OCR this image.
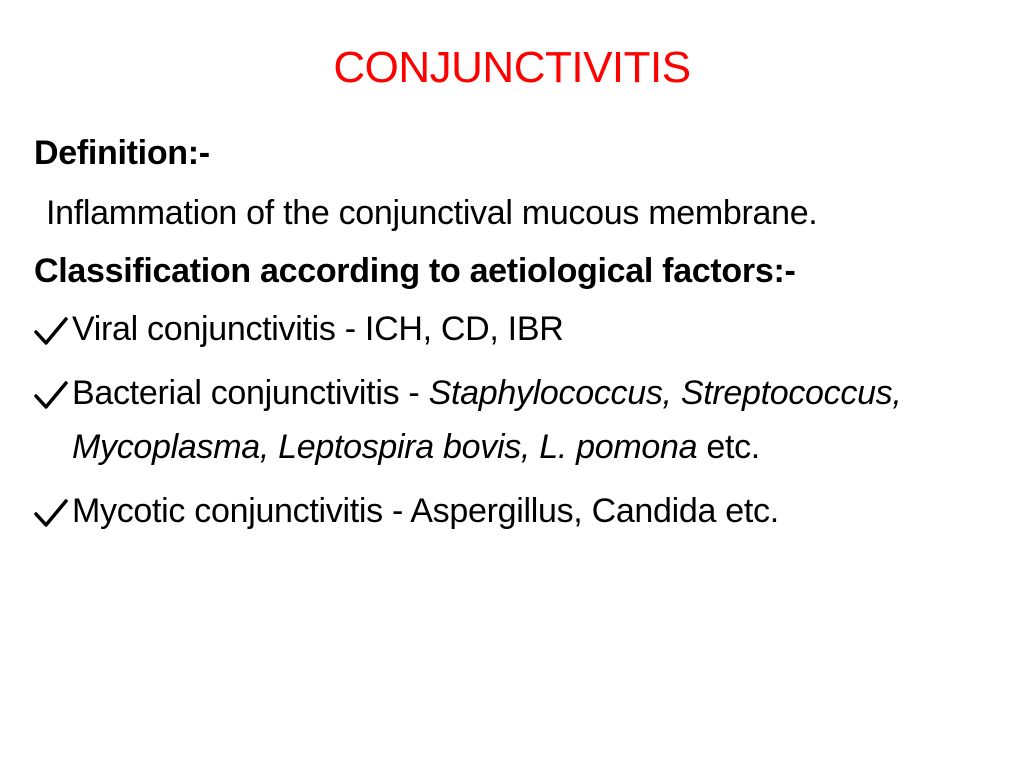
CONJUNCTIVITIS

Definition:-

Inflammation of the conjunctival mucous membrane.

Classification according to aetiological factors:-

Viral conjunctivitis - ICH, CD, IBR

Bacterial conjunctivitis - Staphylococcus, Streptococcus, Mycoplasma, Leptospira bovis, L. pomona etc.

Mycotic conjunctivitis - Aspergillus, Candida etc.
